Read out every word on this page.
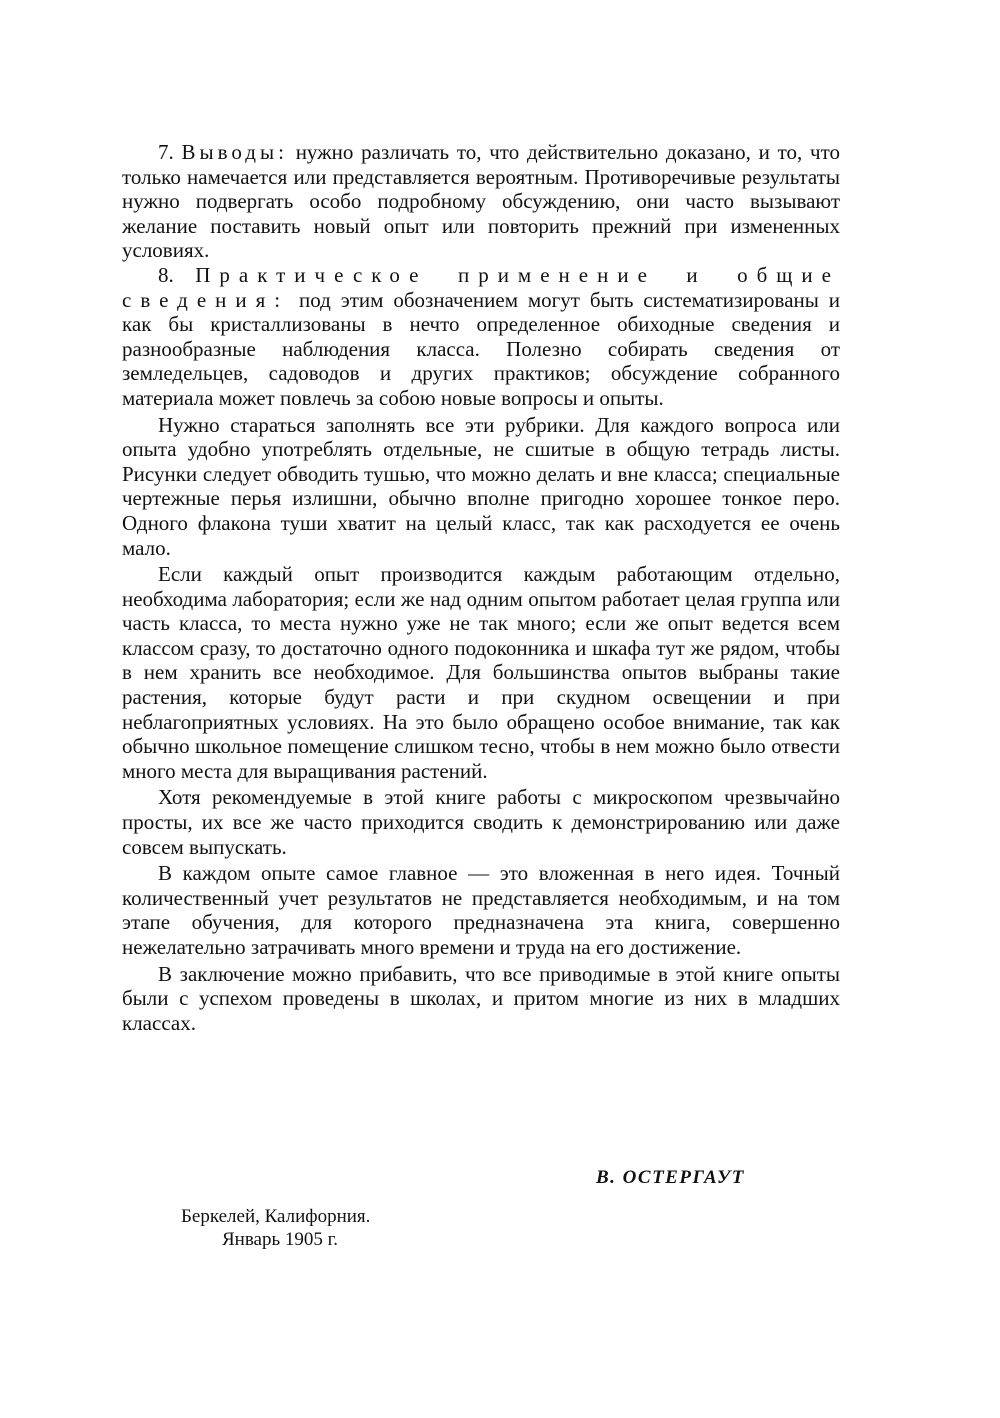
7. Выводы: нужно различать то, что действительно доказано, и то, что только намечается или представляется вероятным. Противоречивые результаты нужно подвергать особо подробному обсуждению, они часто вызывают желание поставить новый опыт или повторить прежний при измененных условиях.

8. Практическое применение и общие сведения: под этим обозначением могут быть систематизированы и как бы кристаллизованы в нечто определенное обиходные сведения и разнообразные наблюдения класса. Полезно собирать сведения от земледельцев, садоводов и других практиков; обсуждение собранного материала может повлечь за собою новые вопросы и опыты.

Нужно стараться заполнять все эти рубрики. Для каждого вопроса или опыта удобно употреблять отдельные, не сшитые в общую тетрадь листы. Рисунки следует обводить тушью, что можно делать и вне класса; специальные чертежные перья излишни, обычно вполне пригодно хорошее тонкое перо. Одного флакона туши хватит на целый класс, так как расходуется ее очень мало.

Если каждый опыт производится каждым работающим отдельно, необходима лаборатория; если же над одним опытом работает целая группа или часть класса, то места нужно уже не так много; если же опыт ведется всем классом сразу, то достаточно одного подоконника и шкафа тут же рядом, чтобы в нем хранить все необходимое. Для большинства опытов выбраны такие растения, которые будут расти и при скудном освещении и при неблагоприятных условиях. На это было обращено особое внимание, так как обычно школьное помещение слишком тесно, чтобы в нем можно было отвести много места для выращивания растений.

Хотя рекомендуемые в этой книге работы с микроскопом чрезвычайно просты, их все же часто приходится сводить к демонстрированию или даже совсем выпускать.

В каждом опыте самое главное — это вложенная в него идея. Точный количественный учет результатов не представляется необходимым, и на том этапе обучения, для которого предназначена эта книга, совершенно нежелательно затрачивать много времени и труда на его достижение.

В заключение можно прибавить, что все приводимые в этой книге опыты были с успехом проведены в школах, и притом многие из них в младших классах.

В. ОСТЕРГАУТ

Беркелей, Калифорния.

Январь 1905 г.
